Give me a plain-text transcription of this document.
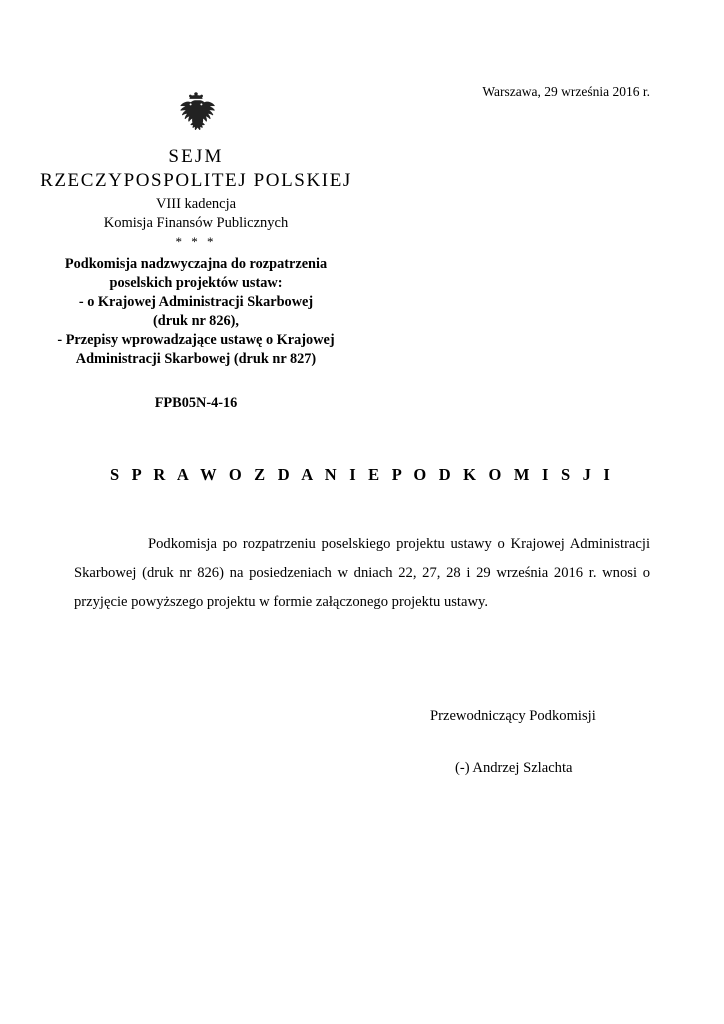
Warszawa, 29 września 2016 r.
SEJM
RZECZYPOSPOLITEJ POLSKIEJ
VIII kadencja
Komisja Finansów Publicznych
* * *
Podkomisja nadzwyczajna do rozpatrzenia
poselskich projektów ustaw:
- o Krajowej Administracji Skarbowej
(druk nr 826),
- Przepisy wprowadzające ustawę o Krajowej
Administracji Skarbowej (druk nr 827)
FPB05N-4-16
S P R A W O Z D A N I E P O D K O M I S J I
Podkomisja po rozpatrzeniu poselskiego projektu ustawy o Krajowej Administracji Skarbowej (druk nr 826) na posiedzeniach w dniach 22, 27, 28 i 29 września 2016 r. wnosi o przyjęcie powyższego projektu w formie załączonego projektu ustawy.
Przewodniczący Podkomisji
(-) Andrzej Szlachta
